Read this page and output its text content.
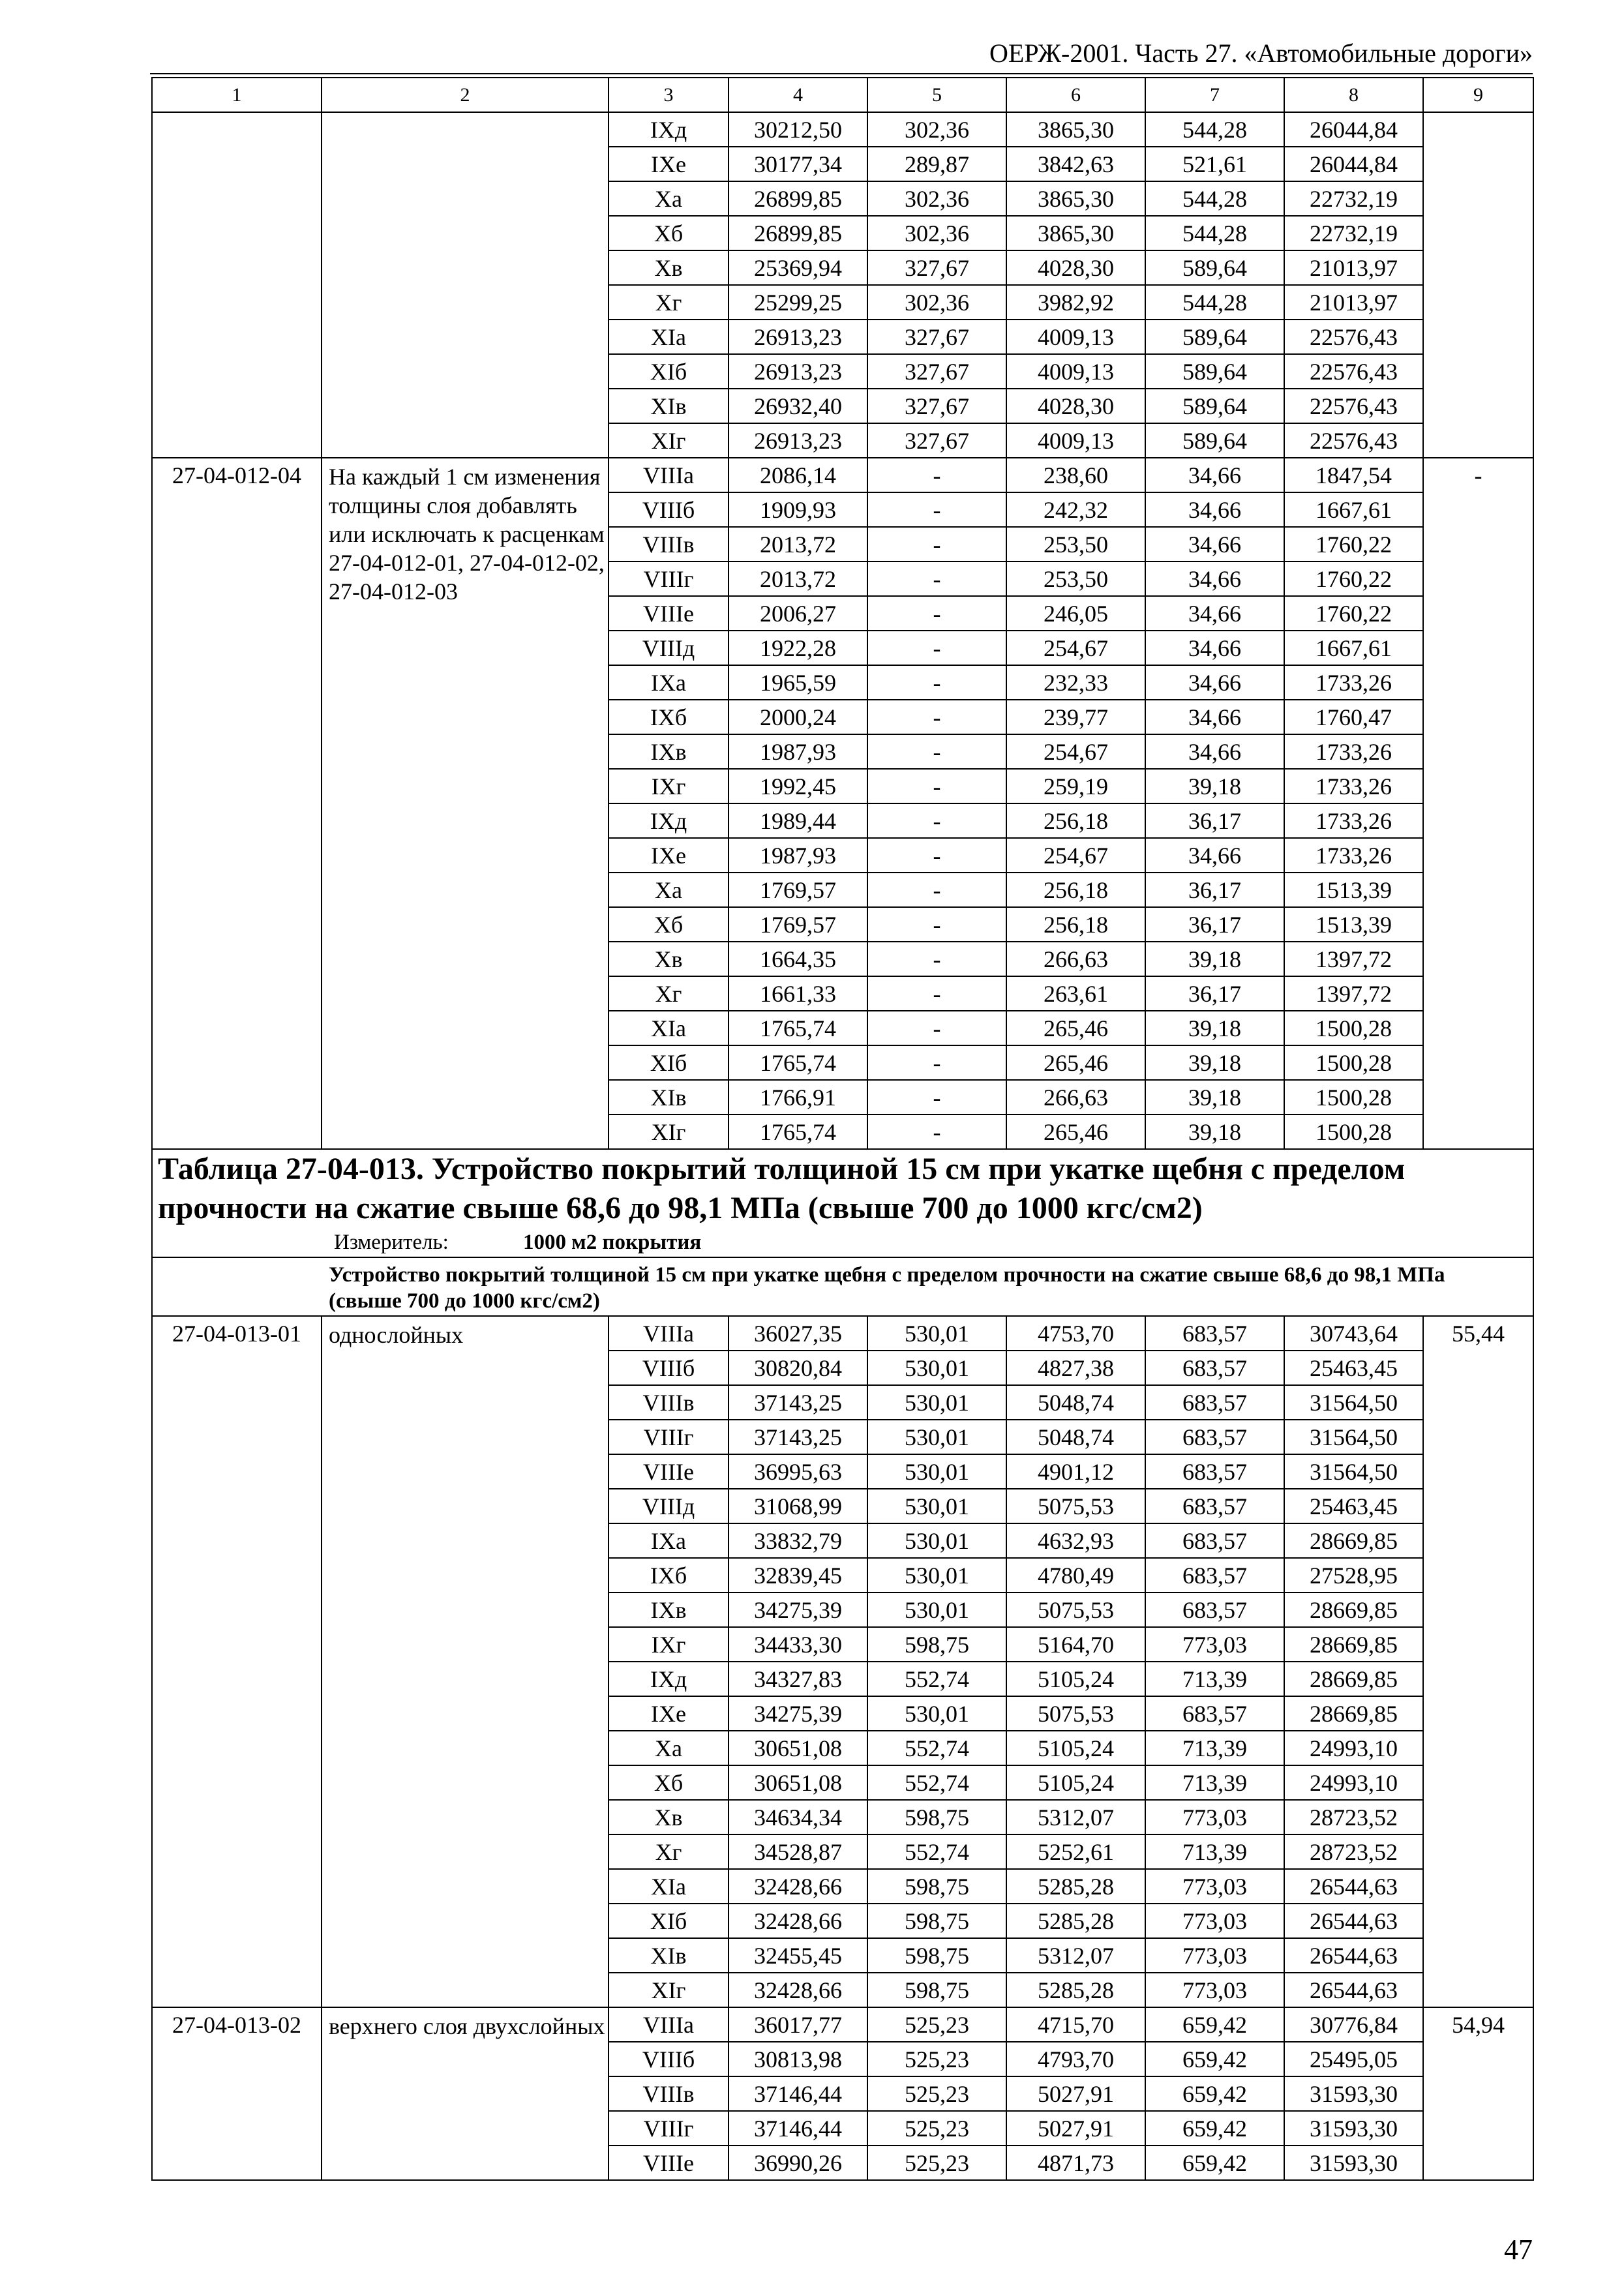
ОЕРЖ-2001. Часть 27. «Автомобильные дороги»
1	2	3	4	5	6	7	8	9
		IXд	30212,50	302,36	3865,30	544,28	26044,84	
		IXе	30177,34	289,87	3842,63	521,61	26044,84	
		Xа	26899,85	302,36	3865,30	544,28	22732,19	
		Xб	26899,85	302,36	3865,30	544,28	22732,19	
		Xв	25369,94	327,67	4028,30	589,64	21013,97	
		Xг	25299,25	302,36	3982,92	544,28	21013,97	
		XIа	26913,23	327,67	4009,13	589,64	22576,43	
		XIб	26913,23	327,67	4009,13	589,64	22576,43	
		XIв	26932,40	327,67	4028,30	589,64	22576,43	
		XIг	26913,23	327,67	4009,13	589,64	22576,43	
27-04-012-04	На каждый 1 см изменения толщины слоя добавлять или исключать к расценкам 27-04-012-01, 27-04-012-02, 27-04-012-03	VIIIа	2086,14	-	238,60	34,66	1847,54	-
		VIIIб	1909,93	-	242,32	34,66	1667,61	
		VIIIв	2013,72	-	253,50	34,66	1760,22	
		VIIIг	2013,72	-	253,50	34,66	1760,22	
		VIIIе	2006,27	-	246,05	34,66	1760,22	
		VIIIд	1922,28	-	254,67	34,66	1667,61	
		IXа	1965,59	-	232,33	34,66	1733,26	
		IXб	2000,24	-	239,77	34,66	1760,47	
		IXв	1987,93	-	254,67	34,66	1733,26	
		IXг	1992,45	-	259,19	39,18	1733,26	
		IXд	1989,44	-	256,18	36,17	1733,26	
		IXе	1987,93	-	254,67	34,66	1733,26	
		Xа	1769,57	-	256,18	36,17	1513,39	
		Xб	1769,57	-	256,18	36,17	1513,39	
		Xв	1664,35	-	266,63	39,18	1397,72	
		Xг	1661,33	-	263,61	36,17	1397,72	
		XIа	1765,74	-	265,46	39,18	1500,28	
		XIб	1765,74	-	265,46	39,18	1500,28	
		XIв	1766,91	-	266,63	39,18	1500,28	
		XIг	1765,74	-	265,46	39,18	1500,28	

Таблица 27-04-013. Устройство покрытий толщиной 15 см при укатке щебня с пределом прочности на сжатие свыше 68,6 до 98,1 МПа (свыше 700 до 1000 кгс/см2)
Измеритель: 1000 м2 покрытия								

Устройство покрытий толщиной 15 см при укатке щебня с пределом прочности на сжатие свыше 68,6 до 98,1 МПа (свыше 700 до 1000 кгс/см2)								
27-04-013-01	однослойных	VIIIа	36027,35	530,01	4753,70	683,57	30743,64	55,44
		VIIIб	30820,84	530,01	4827,38	683,57	25463,45	
		VIIIв	37143,25	530,01	5048,74	683,57	31564,50	
		VIIIг	37143,25	530,01	5048,74	683,57	31564,50	
		VIIIе	36995,63	530,01	4901,12	683,57	31564,50	
		VIIIд	31068,99	530,01	5075,53	683,57	25463,45	
		IXа	33832,79	530,01	4632,93	683,57	28669,85	
		IXб	32839,45	530,01	4780,49	683,57	27528,95	
		IXв	34275,39	530,01	5075,53	683,57	28669,85	
		IXг	34433,30	598,75	5164,70	773,03	28669,85	
		IXд	34327,83	552,74	5105,24	713,39	28669,85	
		IXе	34275,39	530,01	5075,53	683,57	28669,85	
		Xа	30651,08	552,74	5105,24	713,39	24993,10	
		Xб	30651,08	552,74	5105,24	713,39	24993,10	
		Xв	34634,34	598,75	5312,07	773,03	28723,52	
		Xг	34528,87	552,74	5252,61	713,39	28723,52	
		XIа	32428,66	598,75	5285,28	773,03	26544,63	
		XIб	32428,66	598,75	5285,28	773,03	26544,63	
		XIв	32455,45	598,75	5312,07	773,03	26544,63	
		XIг	32428,66	598,75	5285,28	773,03	26544,63	
27-04-013-02	верхнего слоя двухслойных	VIIIа	36017,77	525,23	4715,70	659,42	30776,84	54,94
		VIIIб	30813,98	525,23	4793,70	659,42	25495,05	
		VIIIв	37146,44	525,23	5027,91	659,42	31593,30	
		VIIIг	37146,44	525,23	5027,91	659,42	31593,30	
		VIIIе	36990,26	525,23	4871,73	659,42	31593,30	
47
